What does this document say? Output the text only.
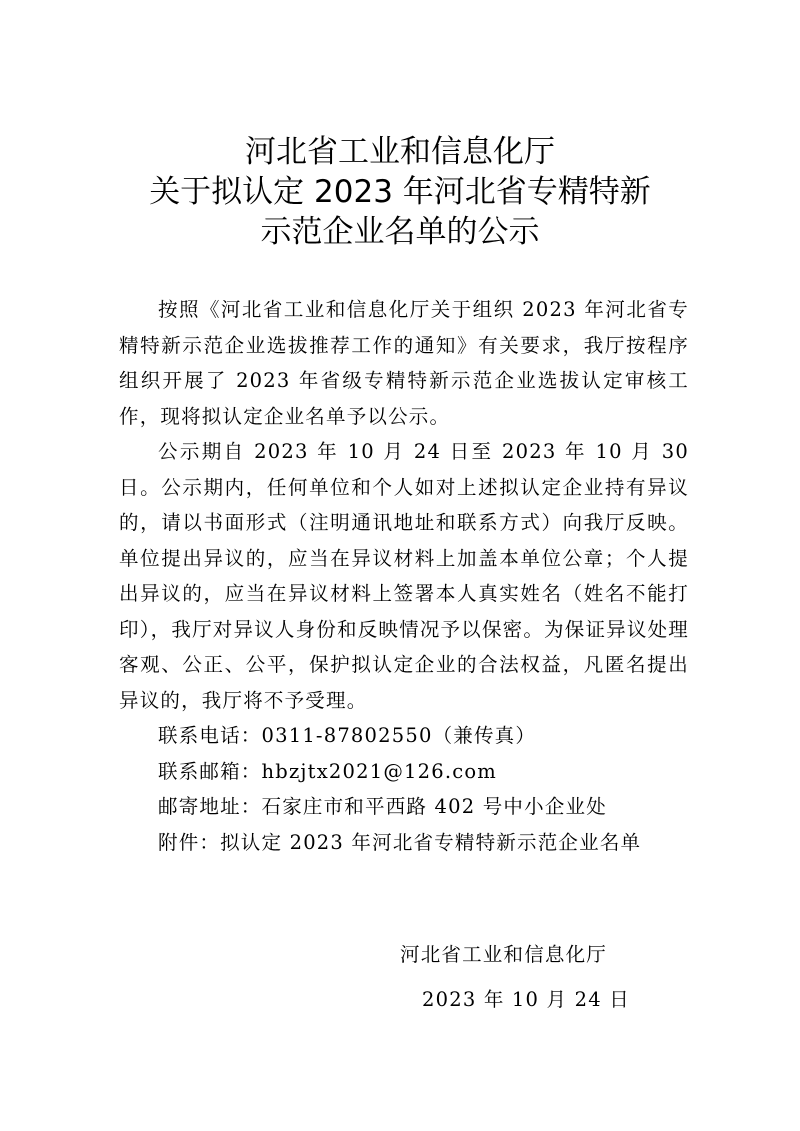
河北省工业和信息化厅
关于拟认定 2023 年河北省专精特新
示范企业名单的公示

按照《河北省工业和信息化厅关于组织 2023 年河北省专精特新示范企业选拔推荐工作的通知》有关要求，我厅按程序组织开展了 2023 年省级专精特新示范企业选拔认定审核工作，现将拟认定企业名单予以公示。

公示期自 2023 年 10 月 24 日至 2023 年 10 月 30 日。公示期内，任何单位和个人如对上述拟认定企业持有异议的，请以书面形式（注明通讯地址和联系方式）向我厅反映。单位提出异议的，应当在异议材料上加盖本单位公章；个人提出异议的，应当在异议材料上签署本人真实姓名（姓名不能打印），我厅对异议人身份和反映情况予以保密。为保证异议处理客观、公正、公平，保护拟认定企业的合法权益，凡匿名提出异议的，我厅将不予受理。

联系电话：0311-87802550（兼传真）
联系邮箱：hbzjtx2021@126.com
邮寄地址：石家庄市和平西路 402 号中小企业处
附件：拟认定 2023 年河北省专精特新示范企业名单
河北省工业和信息化厅
2023 年 10 月 24 日
